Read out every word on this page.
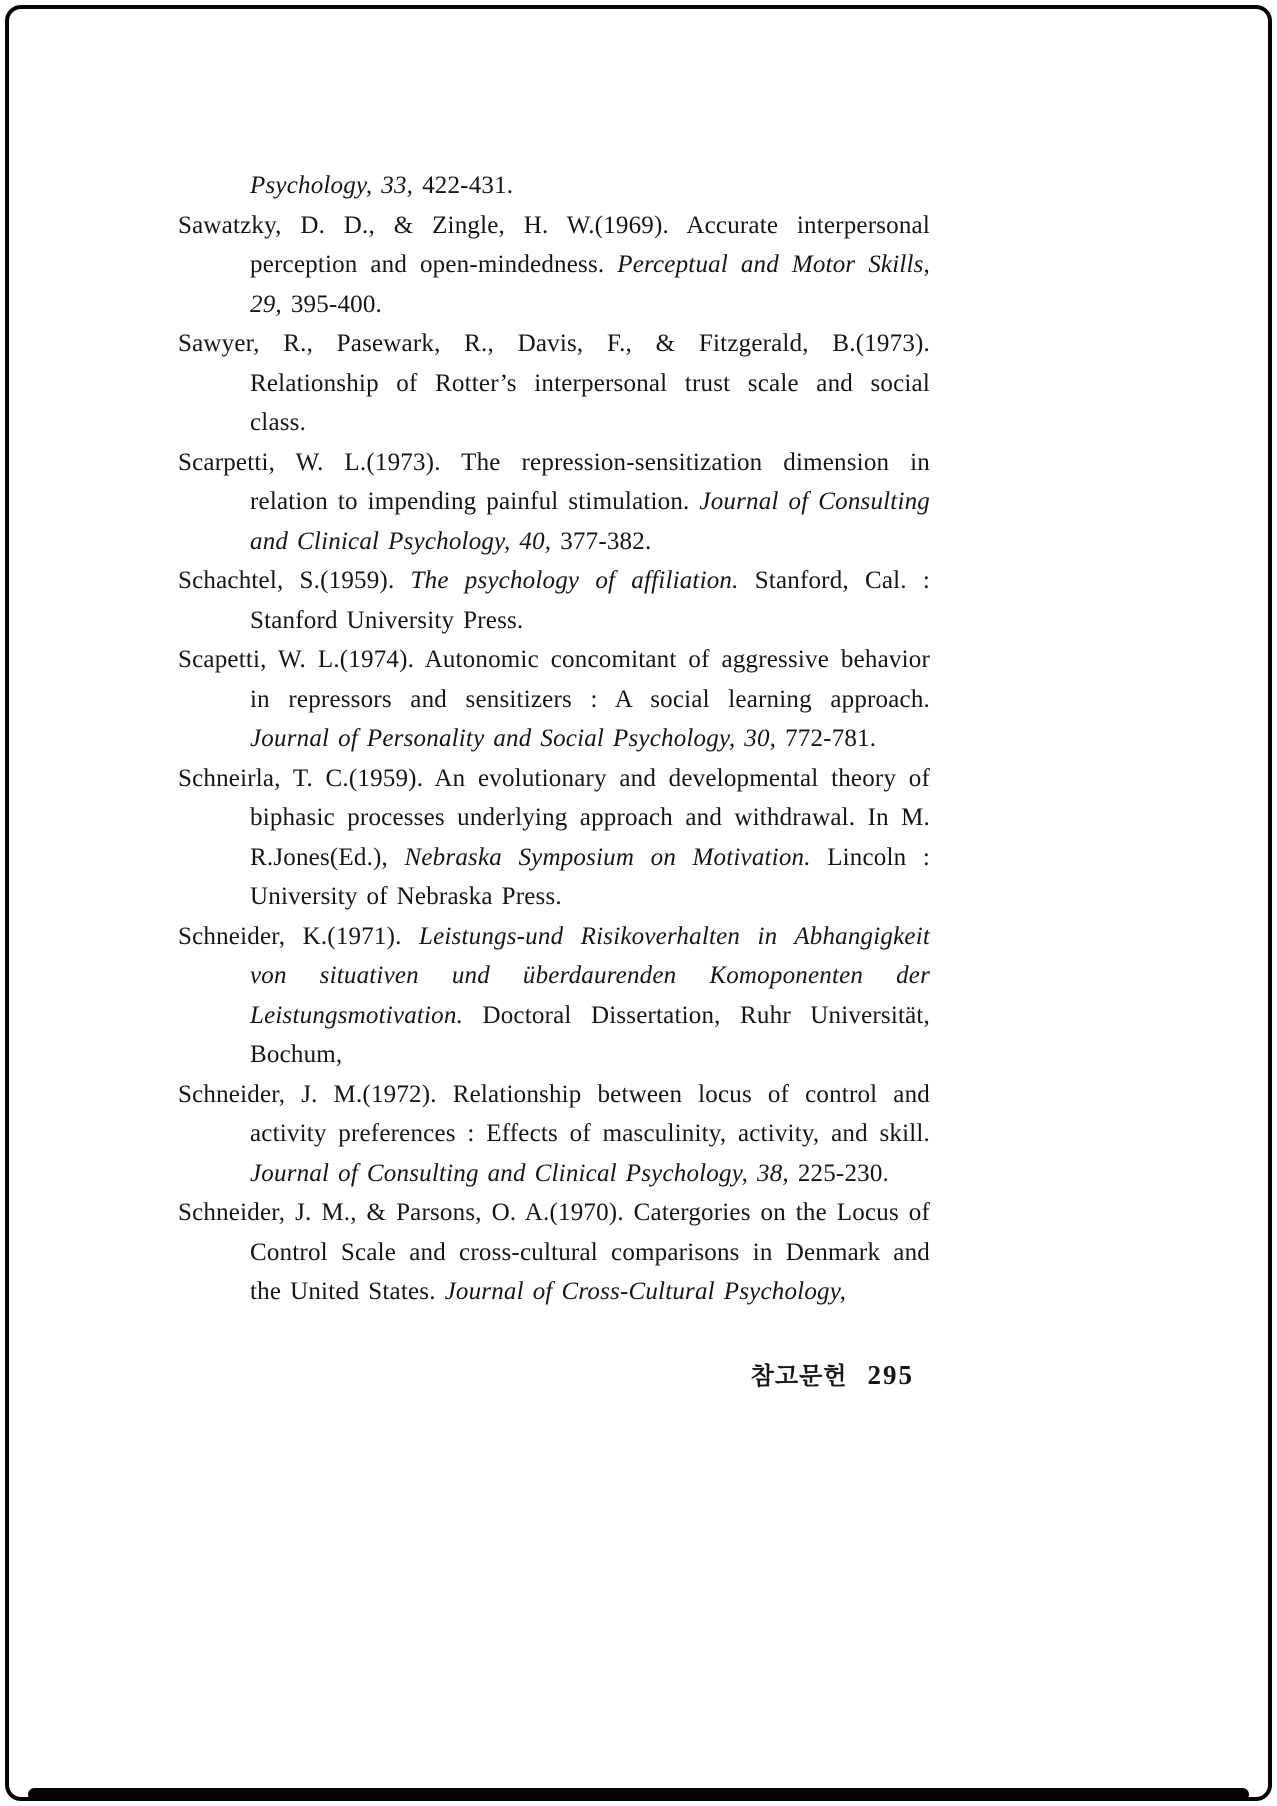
Psychology, 33, 422-431.
Sawatzky, D. D., & Zingle, H. W.(1969). Accurate interpersonal perception and open-mindedness. Perceptual and Motor Skills, 29, 395-400.
Sawyer, R., Pasewark, R., Davis, F., & Fitzgerald, B.(1973). Relationship of Rotter’s interpersonal trust scale and social class.
Scarpetti, W. L.(1973). The repression-sensitization dimension in relation to impending painful stimulation. Journal of Consulting and Clinical Psychology, 40, 377-382.
Schachtel, S.(1959). The psychology of affiliation. Stanford, Cal. : Stanford University Press.
Scapetti, W. L.(1974). Autonomic concomitant of aggressive behavior in repressors and sensitizers : A social learning approach. Journal of Personality and Social Psychology, 30, 772-781.
Schneirla, T. C.(1959). An evolutionary and developmental theory of biphasic processes underlying approach and withdrawal. In M. R.Jones(Ed.), Nebraska Symposium on Motivation. Lincoln : University of Nebraska Press.
Schneider, K.(1971). Leistungs-und Risikoverhalten in Abhangigkeit von situativen und überdaurenden Komoponenten der Leistungsmotivation. Doctoral Dissertation, Ruhr Universität, Bochum,
Schneider, J. M.(1972). Relationship between locus of control and activity preferences : Effects of masculinity, activity, and skill. Journal of Consulting and Clinical Psychology, 38, 225-230.
Schneider, J. M., & Parsons, O. A.(1970). Catergories on the Locus of Control Scale and cross-cultural comparisons in Denmark and the United States. Journal of Cross-Cultural Psychology,
참고문헌 295
